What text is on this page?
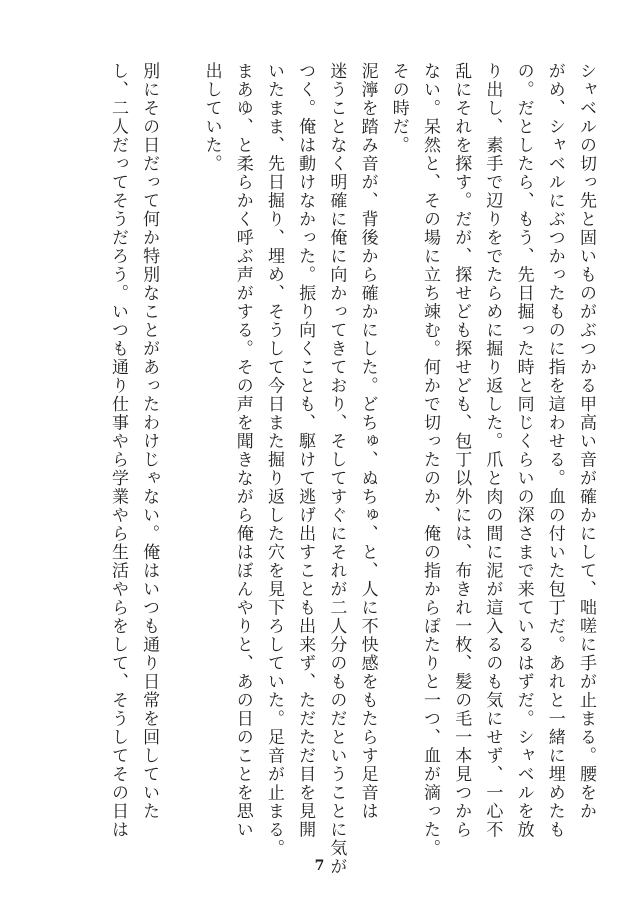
シャベルの切っ先と固いものがぶつかる甲高い音が確かにして、咄嗟に手が止まる。腰をか
がめ、シャベルにぶつかったものに指を這わせる。血の付いた包丁だ。あれと一緒に埋めたも
の。だとしたら、もう、先日掘った時と同じくらいの深さまで来ているはずだ。シャベルを放
り出し、素手で辺りをでたらめに掘り返した。爪と肉の間に泥が這入るのも気にせず、一心不
乱にそれを探す。だが、探せども探せども、包丁以外には、布きれ一枚、髪の毛一本見つから
ない。呆然と、その場に立ち竦む。何かで切ったのか、俺の指からぽたりと一つ、血が滴った。
その時だ。
泥濘を踏み音が、背後から確かにした。どちゅ、ぬちゅ、と、人に不快感をもたらす足音は
迷うことなく明確に俺に向かってきており、そしてすぐにそれが二人分のものだということに気が
つく。俺は動けなかった。振り向くことも、駆けて逃げ出すことも出来ず、ただただ目を見開
いたまま、先日掘り、埋め、そうして今日また掘り返した穴を見下ろしていた。足音が止まる。
まあゆ、と柔らかく呼ぶ声がする。その声を聞きながら俺はぼんやりと、あの日のことを思い
出していた。

別にその日だって何か特別なことがあったわけじゃない。俺はいつも通り日常を回していた
し、二人だってそうだろう。いつも通り仕事やら学業やら生活やらをして、そうしてその日は
7
